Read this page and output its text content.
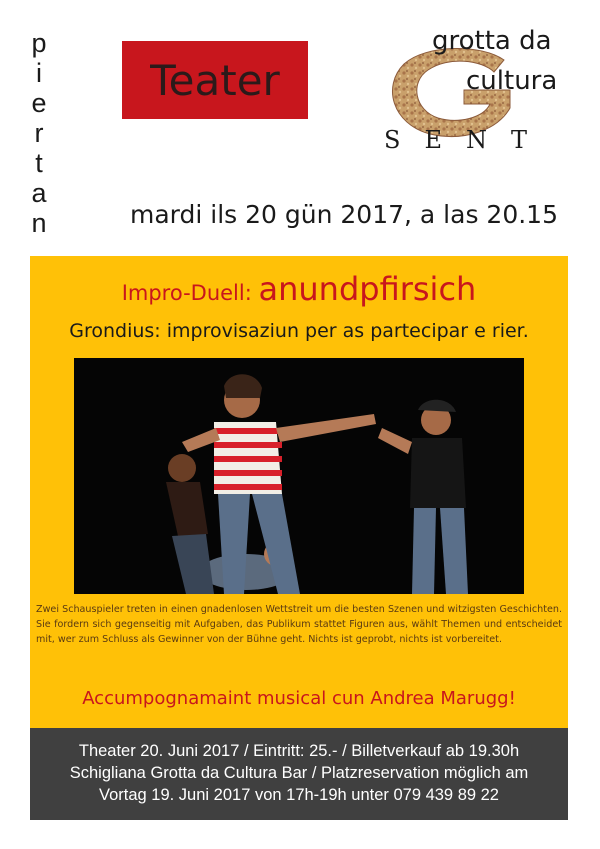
p
i
e
r
t
a
n
Teater
grotta da
cultura
SENT
mardi ils 20 gün 2017, a las 20.15
Impro-Duell: anundpfirsich
Grondius: improvisaziun per as partecipar e rier.
Zwei Schauspieler treten in einen gnadenlosen Wettstreit um die besten Szenen und witzigsten Geschichten. Sie fordern sich gegenseitig mit Aufgaben, das Publikum stattet Figuren aus, wählt Themen und entscheidet mit, wer zum Schluss als Gewinner von der Bühne geht. Nichts ist geprobt, nichts ist vorbereitet.
Accumpognamaint musical cun Andrea Marugg!
Theater 20. Juni 2017 / Eintritt: 25.- / Billetverkauf ab 19.30h
Schigliana Grotta da Cultura Bar / Platzreservation möglich am
Vortag 19. Juni 2017 von 17h-19h unter 079 439 89 22
